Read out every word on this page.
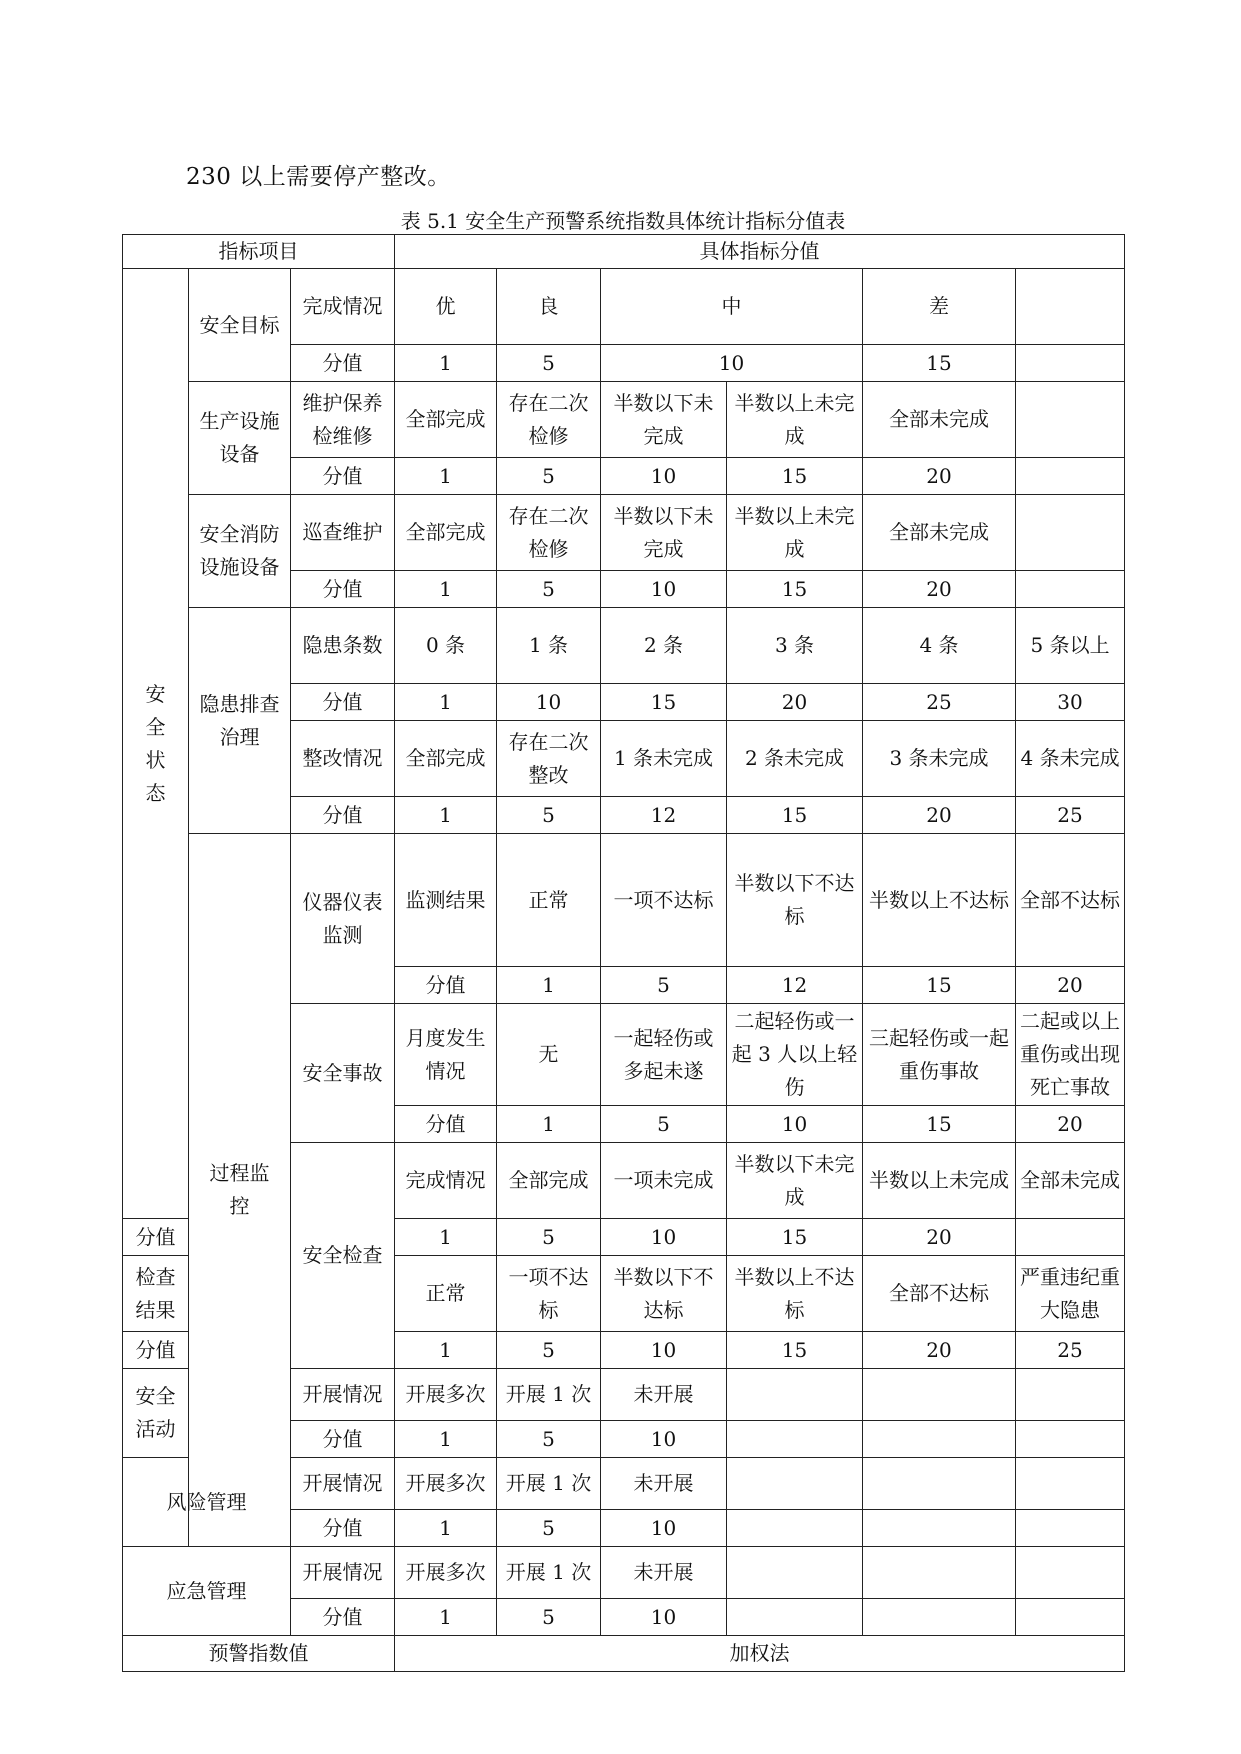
230 以上需要停产整改。

表 5.1 安全生产预警系统指数具体统计指标分值表

指标项目			具体指标分值						
安全状态	安全目标	完成情况	优	良	中		差		
		分值	1	5	10		15		
	生产设施设备	维护保养检维修	全部完成	存在二次检修	半数以下未完成	半数以上未完成	全部未完成		
		分值	1	5	10	15	20		
	安全消防设施设备	巡查维护	全部完成	存在二次检修	半数以下未完成	半数以上未完成	全部未完成		
		分值	1	5	10	15	20		
	隐患排查治理	隐患条数	0 条	1 条	2 条	3 条	4 条	5 条以上	
		分值	1	10	15	20	25	30	
		整改情况	全部完成	存在二次整改	1 条未完成	2 条未完成	3 条未完成	4 条未完成	
		分值	1	5	12	15	20	25	
	过程监控	仪器仪表监测	监测结果	正常	一项不达标	半数以下不达标	半数以上不达标	全部不达标	
			分值	1	5	12	15	20	
		安全事故	月度发生情况	无	一起轻伤或多起未遂	二起轻伤或一起 3 人以上轻伤	三起轻伤或一起重伤事故	二起或以上重伤或出现死亡事故	
			分值	1	5	10	15	20	
		安全检查	完成情况	全部完成	一项未完成	半数以下未完成	半数以上未完成	全部未完成	
分值			1	5	10	15	20		
检查结果			正常	一项不达标	半数以下不达标	半数以上不达标	全部不达标	严重违纪重大隐患	
分值			1	5	10	15	20	25	
安全活动		开展情况	开展多次	开展 1 次	未开展				
		分值	1	5	10				
风险管理		开展情况	开展多次	开展 1 次	未开展				
		分值	1	5	10				
应急管理		开展情况	开展多次	开展 1 次	未开展				
		分值	1	5	10				
预警指数值			加权法						
